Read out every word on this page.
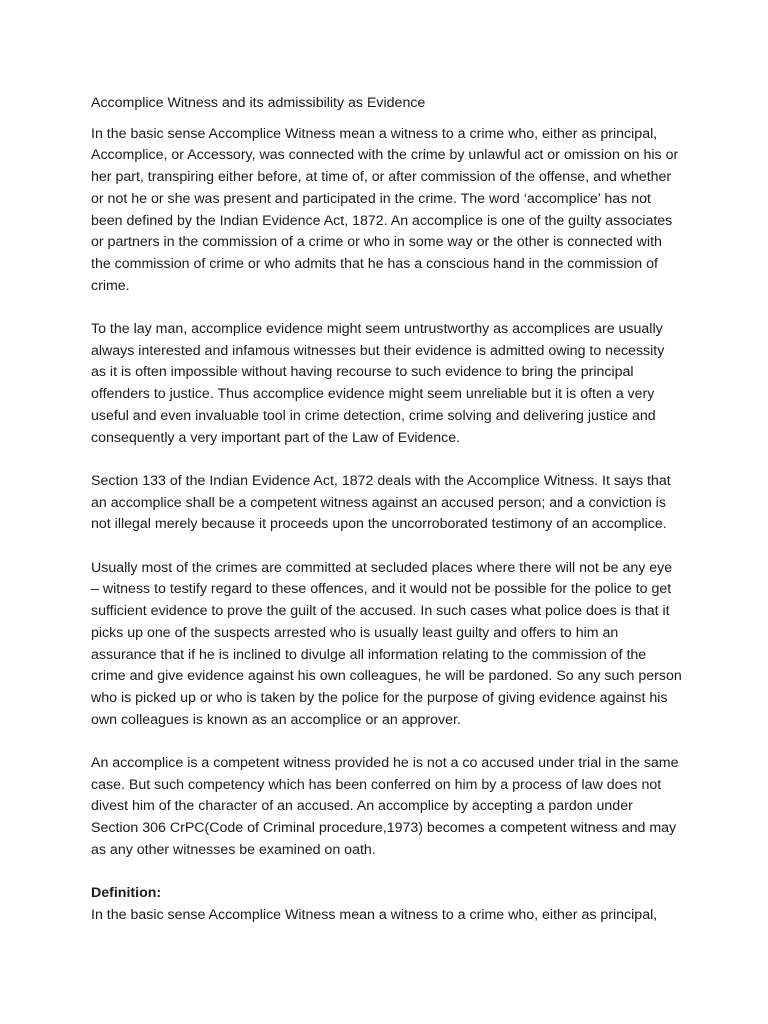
Accomplice Witness and its admissibility as Evidence

In the basic sense Accomplice Witness mean a witness to a crime who, either as principal, Accomplice, or Accessory, was connected with the crime by unlawful act or omission on his or her part, transpiring either before, at time of, or after commission of the offense, and whether or not he or she was present and participated in the crime. The word ‘accomplice’ has not been defined by the Indian Evidence Act, 1872. An accomplice is one of the guilty associates or partners in the commission of a crime or who in some way or the other is connected with the commission of crime or who admits that he has a conscious hand in the commission of crime.

To the lay man, accomplice evidence might seem untrustworthy as accomplices are usually always interested and infamous witnesses but their evidence is admitted owing to necessity as it is often impossible without having recourse to such evidence to bring the principal offenders to justice. Thus accomplice evidence might seem unreliable but it is often a very useful and even invaluable tool in crime detection, crime solving and delivering justice and consequently a very important part of the Law of Evidence.

Section 133 of the Indian Evidence Act, 1872 deals with the Accomplice Witness. It says that an accomplice shall be a competent witness against an accused person; and a conviction is not illegal merely because it proceeds upon the uncorroborated testimony of an accomplice.

Usually most of the crimes are committed at secluded places where there will not be any eye – witness to testify regard to these offences, and it would not be possible for the police to get sufficient evidence to prove the guilt of the accused. In such cases what police does is that it picks up one of the suspects arrested who is usually least guilty and offers to him an assurance that if he is inclined to divulge all information relating to the commission of the crime and give evidence against his own colleagues, he will be pardoned. So any such person who is picked up or who is taken by the police for the purpose of giving evidence against his own colleagues is known as an accomplice or an approver.

An accomplice is a competent witness provided he is not a co accused under trial in the same case. But such competency which has been conferred on him by a process of law does not divest him of the character of an accused. An accomplice by accepting a pardon under Section 306 CrPC(Code of Criminal procedure,1973) becomes a competent witness and may as any other witnesses be examined on oath.

Definition:

In the basic sense Accomplice Witness mean a witness to a crime who, either as principal,
